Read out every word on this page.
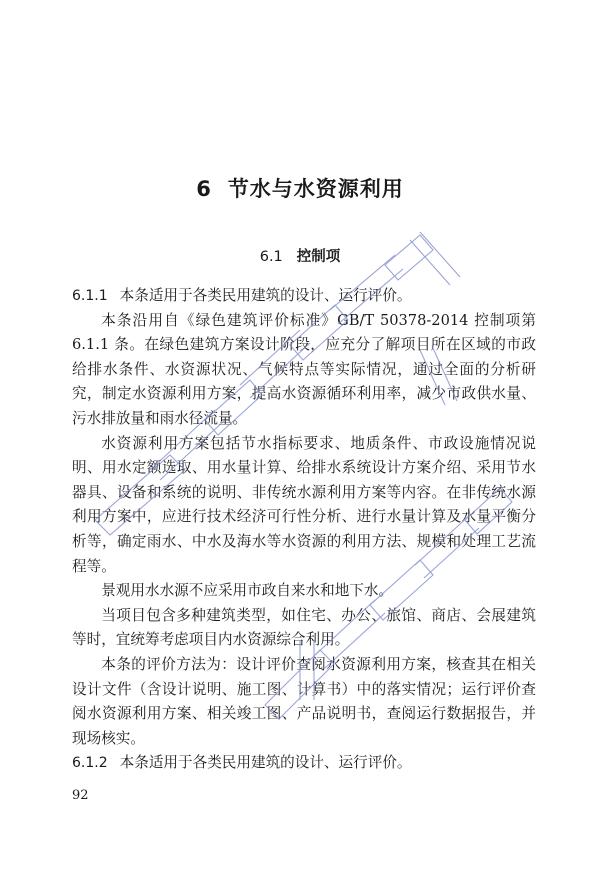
6 节水与水资源利用
6.1 控制项

6.1.1 本条适用于各类民用建筑的设计、运行评价。

本条沿用自《绿色建筑评价标准》GB/T 50378-2014 控制项第 6.1.1 条。在绿色建筑方案设计阶段，应充分了解项目所在区域的市政给排水条件、水资源状况、气候特点等实际情况，通过全面的分析研究，制定水资源利用方案，提高水资源循环利用率，减少市政供水量、污水排放量和雨水径流量。

水资源利用方案包括节水指标要求、地质条件、市政设施情况说明、用水定额选取、用水量计算、给排水系统设计方案介绍、采用节水器具、设备和系统的说明、非传统水源利用方案等内容。在非传统水源利用方案中，应进行技术经济可行性分析、进行水量计算及水量平衡分析等，确定雨水、中水及海水等水资源的利用方法、规模和处理工艺流程等。

景观用水水源不应采用市政自来水和地下水。

当项目包含多种建筑类型，如住宅、办公、旅馆、商店、会展建筑等时，宜统筹考虑项目内水资源综合利用。

本条的评价方法为：设计评价查阅水资源利用方案，核查其在相关设计文件（含设计说明、施工图、计算书）中的落实情况；运行评价查阅水资源利用方案、相关竣工图、产品说明书，查阅运行数据报告，并现场核实。

6.1.2 本条适用于各类民用建筑的设计、运行评价。

92
